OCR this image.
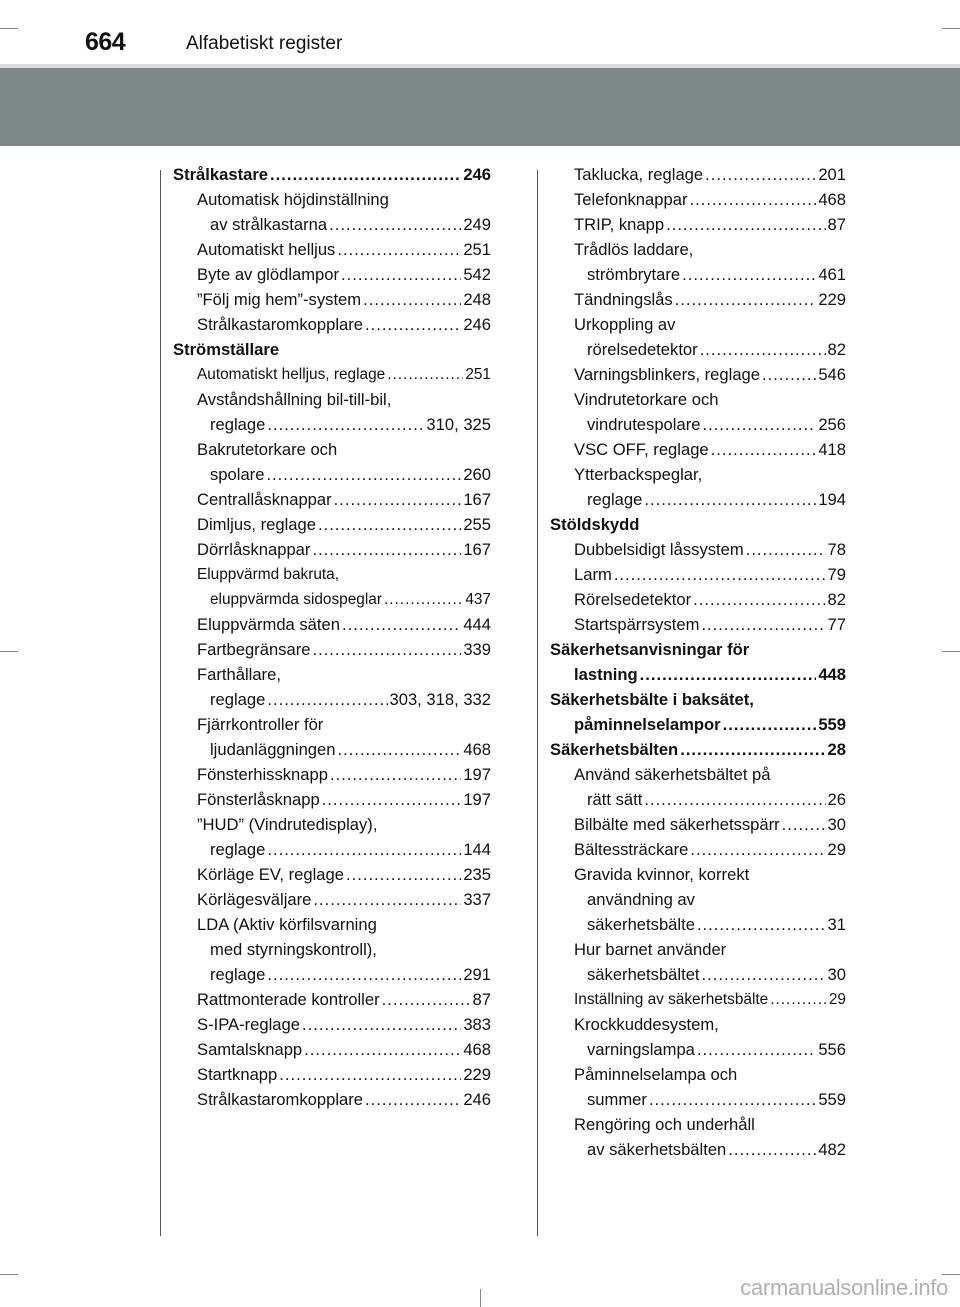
664	Alfabetiskt register
Strålkastare .....	246
Automatisk höjdinställning
av strålkastarna .....	249
Automatiskt helljus .....	251
Byte av glödlampor .....	542
”Följ mig hem”-system .....	248
Strålkastaromkopplare .....	246
Strömställare
Automatiskt helljus, reglage .....	251
Avståndshållning bil-till-bil,
reglage .....	310, 325
Bakrutetorkare och
spolare .....	260
Centrallåsknappar .....	167
Dimljus, reglage .....	255
Dörrlåsknappar .....	167
Eluppvärmd bakruta,
eluppvärmda sidospeglar .....	437
Eluppvärmda säten .....	444
Fartbegränsare .....	339
Farthållare,
reglage .....	303, 318, 332
Fjärrkontroller för
ljudanläggningen .....	468
Fönsterhissknapp .....	197
Fönsterlåsknapp .....	197
”HUD” (Vindrutedisplay),
reglage .....	144
Körläge EV, reglage .....	235
Körlägesväljare .....	337
LDA (Aktiv körfilsvarning
med styrningskontroll),
reglage .....	291
Rattmonterade kontroller .....	87
S-IPA-reglage .....	383
Samtalsknapp .....	468
Startknapp .....	229
Strålkastaromkopplare .....	246
Taklucka, reglage .....	201
Telefonknappar .....	468
TRIP, knapp .....	87
Trådlös laddare,
strömbrytare .....	461
Tändningslås .....	229
Urkoppling av
rörelsedetektor .....	82
Varningsblinkers, reglage .....	546
Vindrutetorkare och
vindrutespolare .....	256
VSC OFF, reglage .....	418
Ytterbackspeglar,
reglage .....	194
Stöldskydd
Dubbelsidigt låssystem .....	78
Larm .....	79
Rörelsedetektor .....	82
Startspärrsystem .....	77
Säkerhetsanvisningar för
lastning .....	448
Säkerhetsbälte i baksätet,
påminnelselampor .....	559
Säkerhetsbälten .....	28
Använd säkerhetsbältet på
rätt sätt .....	26
Bilbälte med säkerhetsspärr .....	30
Bältessträckare .....	29
Gravida kvinnor, korrekt
användning av
säkerhetsbälte .....	31
Hur barnet använder
säkerhetsbältet .....	30
Inställning av säkerhetsbälte .....	29
Krockkuddesystem,
varningslampa .....	556
Påminnelselampa och
summer .....	559
Rengöring och underhåll
av säkerhetsbälten .....	482
carmanualsonline.info
